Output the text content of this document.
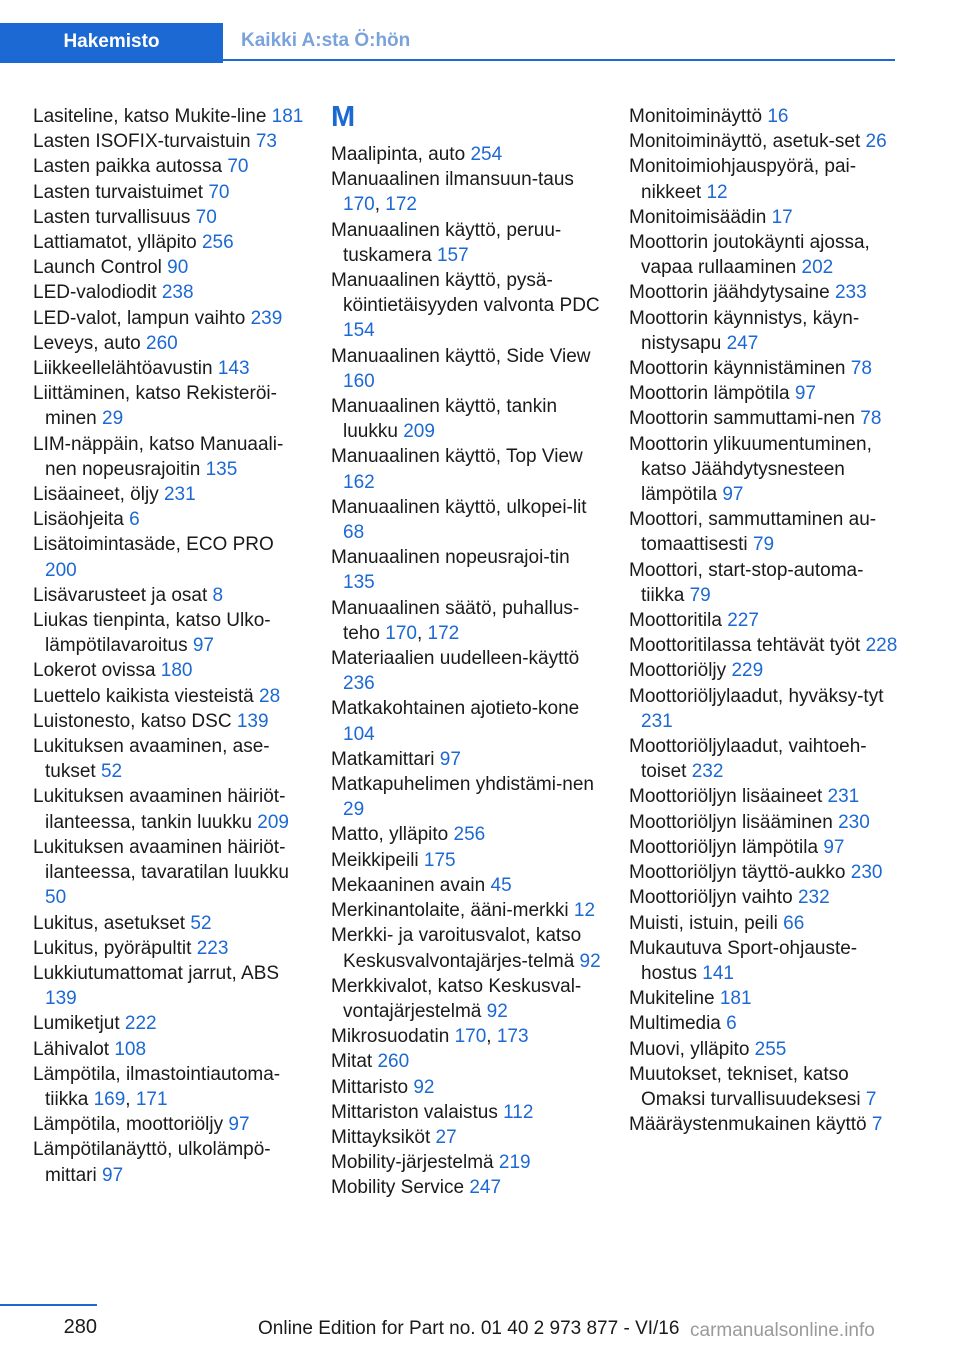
Hakemisto	Kaikki A:sta Ö:hön

Lasiteline, katso Mukite‐line 181

Lasten ISOFIX-turvaistuin 73

Lasten paikka autossa 70

Lasten turvaistuimet 70

Lasten turvallisuus 70

Lattiamatot, ylläpito 256

Launch Control 90

LED-valodiodit 238

LED-valot, lampun vaihto 239

Leveys, auto 260

Liikkeellelähtöavustin 143

Liittäminen, katso Rekisteröi‐minen 29

LIM-näppäin, katso Manuaali‐nen nopeusrajoitin 135

Lisäaineet, öljy 231

Lisäohjeita 6

Lisätoimintasäde, ECO PRO 200

Lisävarusteet ja osat 8

Liukas tienpinta, katso Ulko‐lämpötilavaroitus 97

Lokerot ovissa 180

Luettelo kaikista viesteistä 28

Luistonesto, katso DSC 139

Lukituksen avaaminen, ase‐tukset 52

Lukituksen avaaminen häiriöt‐ilanteessa, tankin luukku 209

Lukituksen avaaminen häiriöt‐ilanteessa, tavaratilan luukku 50

Lukitus, asetukset 52

Lukitus, pyöräpultit 223

Lukkiutumattomat jarrut, ABS 139

Lumiketjut 222

Lähivalot 108

Lämpötila, ilmastointiautoma‐tiikka 169, 171

Lämpötila, moottoriöljy 97

Lämpötilanäyttö, ulkolämpö‐mittari 97

M

Maalipinta, auto 254

Manuaalinen ilmansuun‐taus 170, 172

Manuaalinen käyttö, peruu‐tuskamera 157

Manuaalinen käyttö, pysä‐köintietäisyyden valvonta PDC 154

Manuaalinen käyttö, Side View 160

Manuaalinen käyttö, tankin luukku 209

Manuaalinen käyttö, Top View 162

Manuaalinen käyttö, ulkopei‐lit 68

Manuaalinen nopeusrajoi‐tin 135

Manuaalinen säätö, puhallus‐teho 170, 172

Materiaalien uudelleen‐käyttö 236

Matkakohtainen ajotieto‐kone 104

Matkamittari 97

Matkapuhelimen yhdistämi‐nen 29

Matto, ylläpito 256

Meikkipeili 175

Mekaaninen avain 45

Merkinantolaite, ääni‐merkki 12

Merkki- ja varoitusvalot, katso Keskusvalvontajärjes‐telmä 92

Merkkivalot, katso Keskusval‐vontajärjestelmä 92

Mikrosuodatin 170, 173

Mitat 260

Mittaristo 92

Mittariston valaistus 112

Mittayksiköt 27

Mobility-järjestelmä 219

Mobility Service 247

Monitoiminäyttö 16

Monitoiminäyttö, asetuk‐set 26

Monitoimiohjauspyörä, pai‐nikkeet 12

Monitoimisäädin 17

Moottorin joutokäynti ajossa, vapaa rullaaminen 202

Moottorin jäähdytysaine 233

Moottorin käynnistys, käyn‐nistysapu 247

Moottorin käynnistäminen 78

Moottorin lämpötila 97

Moottorin sammuttami‐nen 78

Moottorin ylikuumentuminen, katso Jäähdytysnesteen lämpötila 97

Moottori, sammuttaminen au‐tomaattisesti 79

Moottori, start-stop-automa‐tiikka 79

Moottoritila 227

Moottoritilassa tehtävät työt 228

Moottoriöljy 229

Moottoriöljylaadut, hyväksy‐tyt 231

Moottoriöljylaadut, vaihtoeh‐toiset 232

Moottoriöljyn lisäaineet 231

Moottoriöljyn lisääminen 230

Moottoriöljyn lämpötila 97

Moottoriöljyn täyttö‐aukko 230

Moottoriöljyn vaihto 232

Muisti, istuin, peili 66

Mukautuva Sport-ohjauste‐hostus 141

Mukiteline 181

Multimedia 6

Muovi, ylläpito 255

Muutokset, tekniset, katso Omaksi turvallisuudeksesi 7

Määräystenmukainen käyttö 7

280	Online Edition for Part no. 01 40 2 973 877 - VI/16 carmanualsonline.info
